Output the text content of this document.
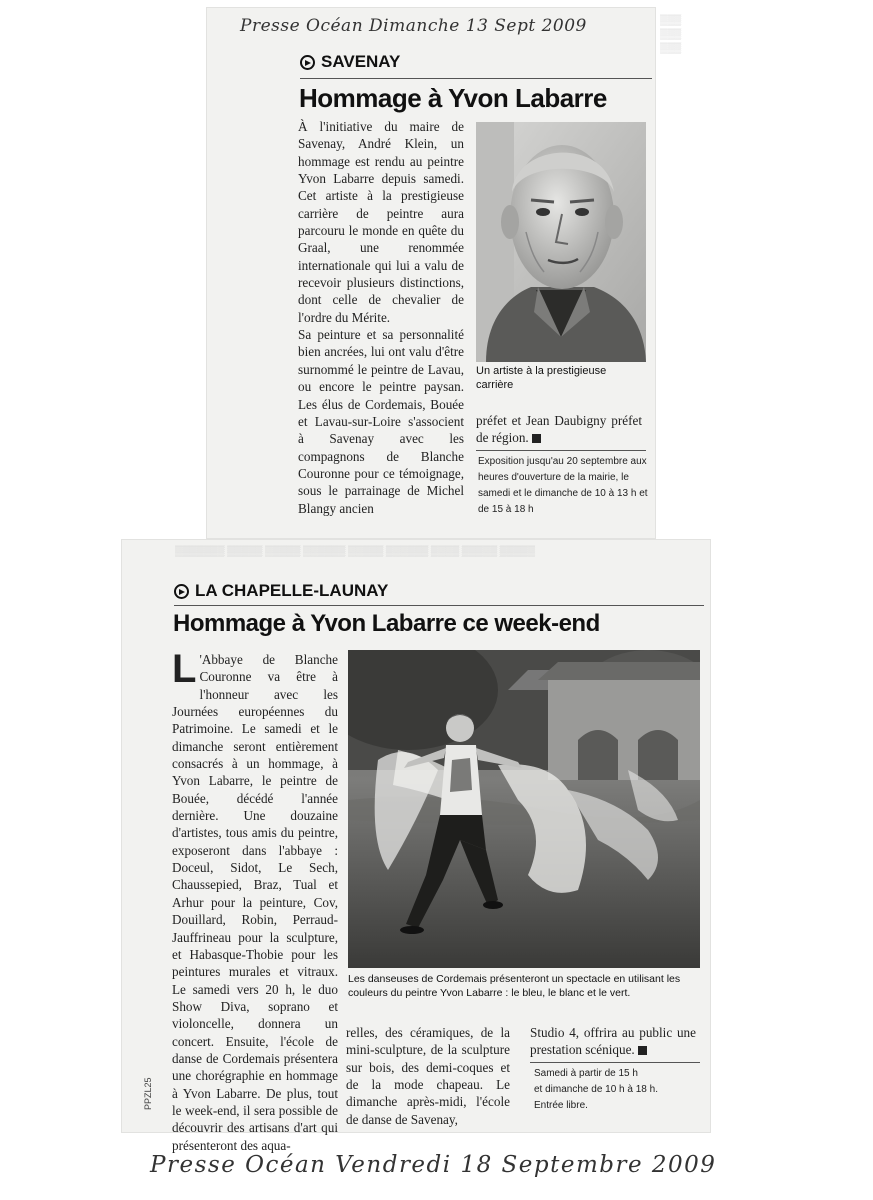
▒▒▒
▒▒▒
▒▒▒
Presse Océan Dimanche 13 Sept 2009
SAVENAY
Hommage à Yvon Labarre

À l'initiative du maire de Savenay, André Klein, un hommage est rendu au peintre Yvon Labarre depuis samedi. Cet artiste à la prestigieuse carrière de peintre aura parcouru le monde en quête du Graal, une renommée internationale qui lui a valu de recevoir plusieurs distinctions, dont celle de chevalier de l'ordre du Mérite.

Sa peinture et sa personnalité bien ancrées, lui ont valu d'être surnommé le peintre de Lavau, ou encore le peintre paysan. Les élus de Cordemais, Bouée et Lavau-sur-Loire s'associent à Savenay avec les compagnons de Blanche Couronne pour ce témoignage, sous le parrainage de Michel Blangy ancien

Un artiste à la prestigieuse carrière

préfet et Jean Daubigny préfet de région.

Exposition jusqu'au 20 septembre aux heures d'ouverture de la mairie, le samedi et le dimanche de 10 à 13 h et de 15 à 18 h
▒▒▒▒▒▒▒ ▒▒▒▒▒ ▒▒▒▒▒ ▒▒▒▒▒▒ ▒▒▒▒▒ ▒▒▒▒▒▒ ▒▒▒▒ ▒▒▒▒▒ ▒▒▒▒▒
LA CHAPELLE-LAUNAY
Hommage à Yvon Labarre ce week-end

L 'Abbaye de Blanche Couronne va être à l'honneur avec les Journées européennes du Patrimoine. Le samedi et le dimanche seront entièrement consacrés à un hommage, à Yvon Labarre, le peintre de Bouée, décédé l'année dernière. Une douzaine d'artistes, tous amis du peintre, exposeront dans l'abbaye : Doceul, Sidot, Le Sech, Chaussepied, Braz, Tual et Arhur pour la peinture, Cov, Douillard, Robin, Perraud-Jauffrineau pour la sculpture, et Habasque-Thobie pour les peintures murales et vitraux. Le samedi vers 20 h, le duo Show Diva, soprano et violoncelle, donnera un concert. Ensuite, l'école de danse de Cordemais présentera une chorégraphie en hommage à Yvon Labarre. De plus, tout le week-end, il sera possible de découvrir des artisans d'art qui présenteront des aqua-

Les danseuses de Cordemais présenteront un spectacle en utilisant les couleurs du peintre Yvon Labarre : le bleu, le blanc et le vert.

relles, des céramiques, de la mini-sculpture, de la sculpture sur bois, des demi-coques et de la mode chapeau. Le dimanche après-midi, l'école de danse de Savenay,

Studio 4, offrira au public une prestation scénique.

Samedi à partir de 15 h
et dimanche de 10 h à 18 h.
Entrée libre.
PPZL25
Presse Océan Vendredi 18 Septembre 2009
